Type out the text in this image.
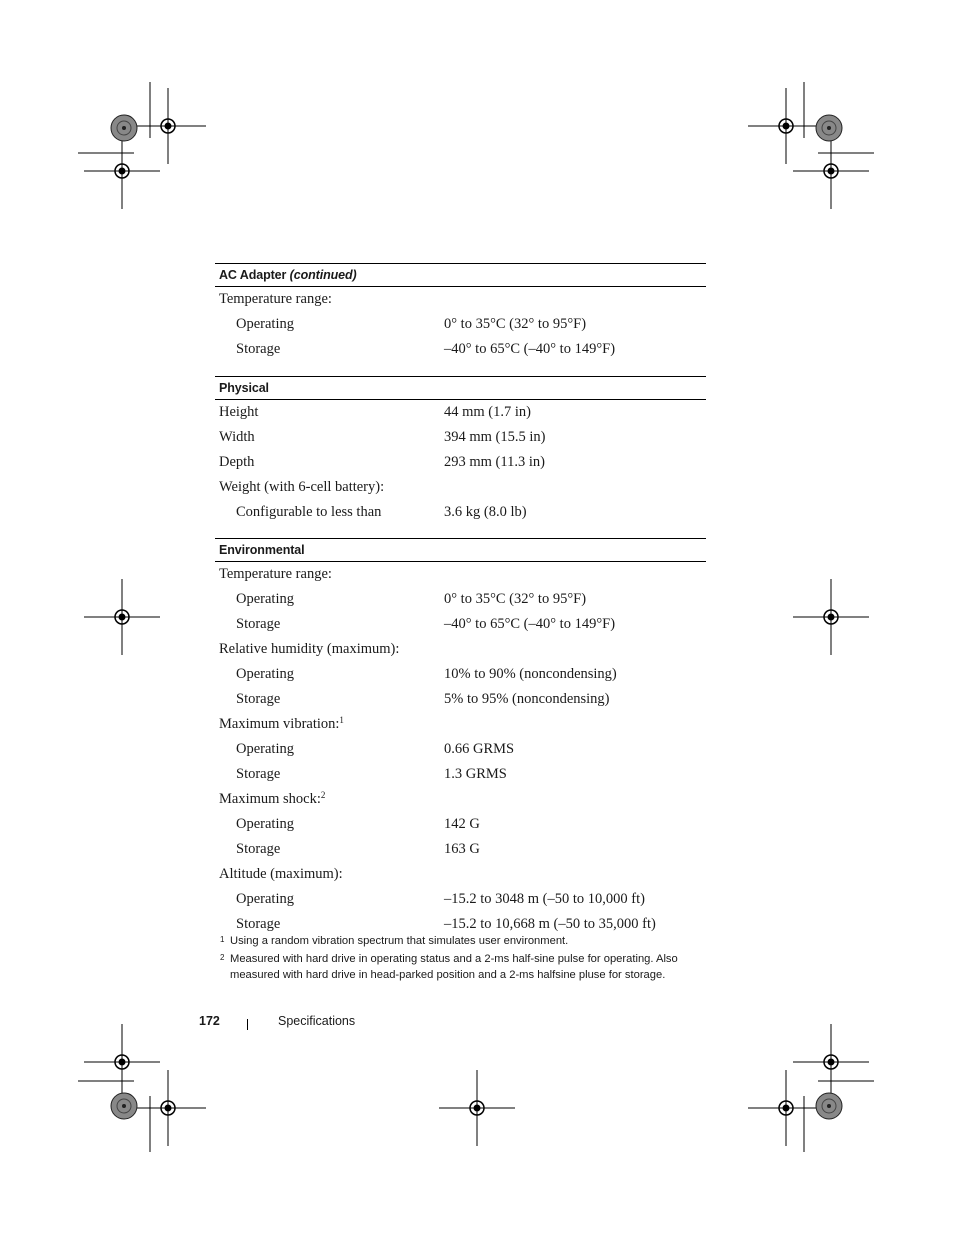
AC Adapter (continued)
Temperature range:
Operating	0° to 35°C (32° to 95°F)
Storage	–40° to 65°C (–40° to 149°F)
Physical
Height	44 mm (1.7 in)
Width	394 mm (15.5 in)
Depth	293 mm (11.3 in)
Weight (with 6-cell battery):
Configurable to less than	3.6 kg (8.0 lb)
Environmental
Temperature range:
Operating	0° to 35°C (32° to 95°F)
Storage	–40° to 65°C (–40° to 149°F)
Relative humidity (maximum):
Operating	10% to 90% (noncondensing)
Storage	5% to 95% (noncondensing)
Maximum vibration:$^1$
Operating	0.66 GRMS
Storage	1.3 GRMS
Maximum shock:$^2$
Operating	142 G
Storage	163 G
Altitude (maximum):
Operating	–15.2 to 3048 m (–50 to 10,000 ft)
Storage	–15.2 to 10,668 m (–50 to 35,000 ft)
1 Using a random vibration spectrum that simulates user environment.
2 Measured with hard drive in operating status and a 2-ms half-sine pulse for operating. Also measured with hard drive in head-parked position and a 2-ms halfsine pluse for storage.
172	Specifications
